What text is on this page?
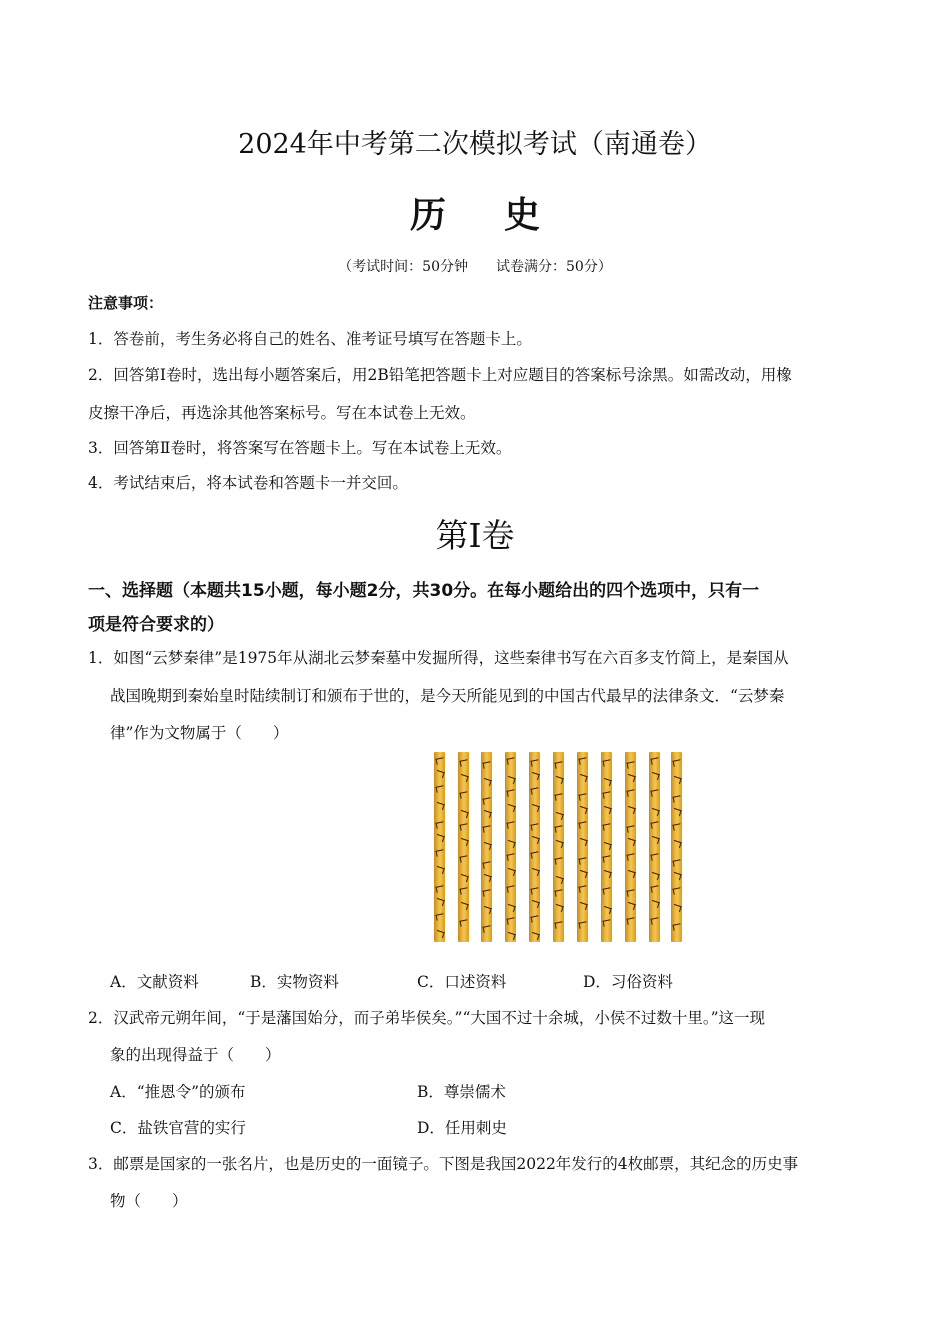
2024年中考第二次模拟考试（南通卷）
历 史
（考试时间：50分钟 试卷满分：50分）
注意事项：
1．答卷前，考生务必将自己的姓名、准考证号填写在答题卡上。
2．回答第Ⅰ卷时，选出每小题答案后，用2B铅笔把答题卡上对应题目的答案标号涂黑。如需改动，用橡
皮擦干净后，再选涂其他答案标号。写在本试卷上无效。
3．回答第Ⅱ卷时，将答案写在答题卡上。写在本试卷上无效。
4．考试结束后，将本试卷和答题卡一并交回。
第Ⅰ卷
一、选择题（本题共15小题，每小题2分，共30分。在每小题给出的四个选项中，只有一
项是符合要求的）
1．如图“云梦秦律”是1975年从湖北云梦秦墓中发掘所得，这些秦律书写在六百多支竹简上，是秦国从
战国晚期到秦始皇时陆续制订和颁布于世的，是今天所能见到的中国古代最早的法律条文．“云梦秦
律”作为文物属于（　　）
A．文献资料	B．实物资料	C．口述资料	D．习俗资料
2．汉武帝元朔年间，“于是藩国始分，而子弟毕侯矣。”“大国不过十余城，小侯不过数十里。”这一现
象的出现得益于（　　）
A．“推恩令”的颁布	B．尊崇儒术
C．盐铁官营的实行	D．任用刺史
3．邮票是国家的一张名片，也是历史的一面镜子。下图是我国2022年发行的4枚邮票，其纪念的历史事
物（　　）
